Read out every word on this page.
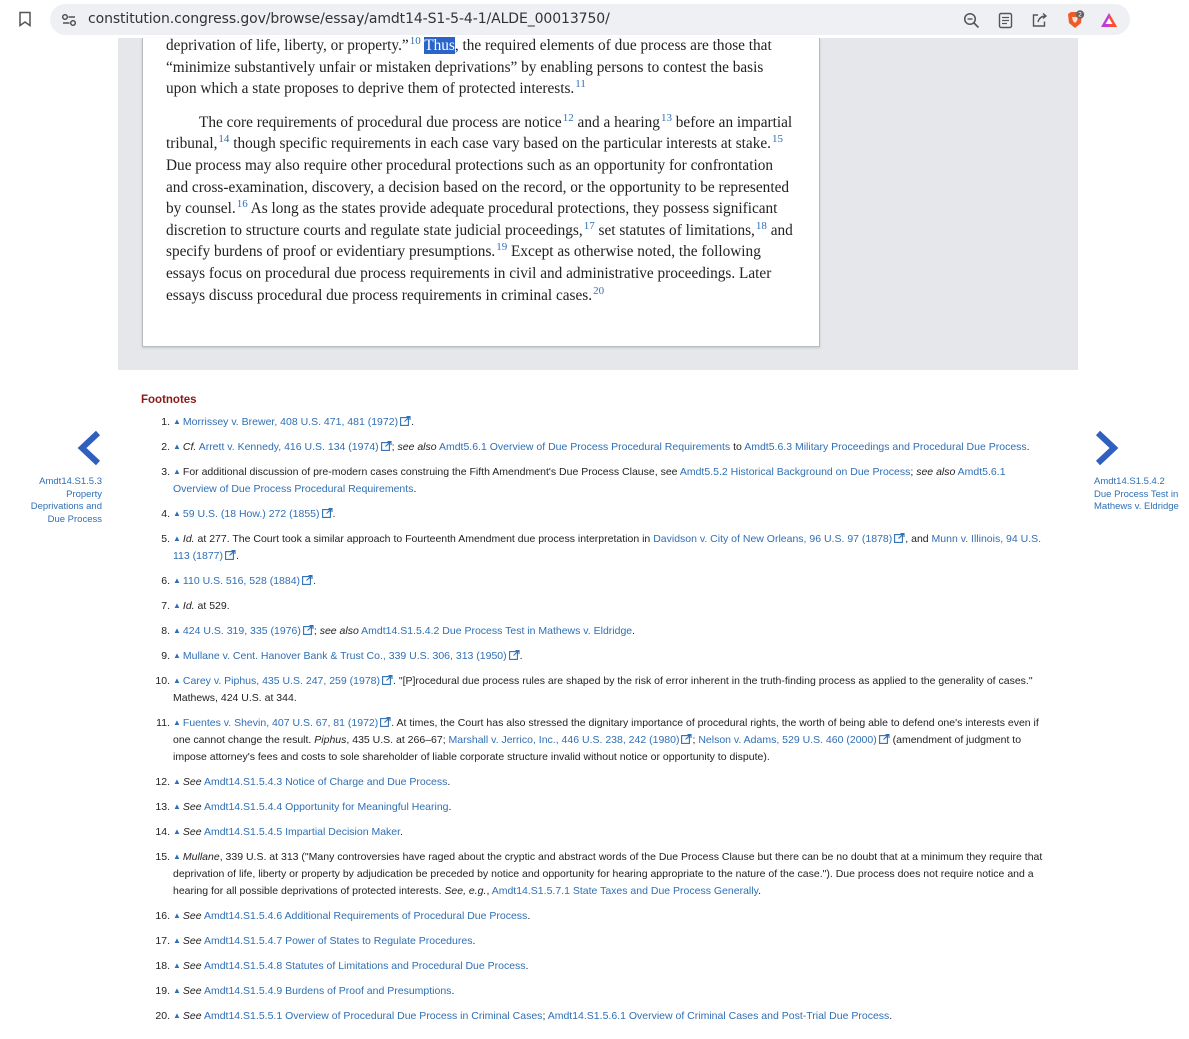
constitution.congress.gov/browse/essay/amdt14-S1-5-4-1/ALDE_00013750/	2

deprivation of life, liberty, or property.”$^{10}$ Thus, the required elements of due process are those that “minimize substantively unfair or mistaken deprivations” by enabling persons to contest the basis upon which a state proposes to deprive them of protected interests.$^{11}$

The core requirements of procedural due process are notice$^{12}$ and a hearing$^{13}$ before an impartial tribunal,$^{14}$ though specific requirements in each case vary based on the particular interests at stake.$^{15}$ Due process may also require other procedural protections such as an opportunity for confrontation and cross-examination, discovery, a decision based on the record, or the opportunity to be represented by counsel.$^{16}$ As long as the states provide adequate procedural protections, they possess significant discretion to structure courts and regulate state judicial proceedings,$^{17}$ set statutes of limitations,$^{18}$ and specify burdens of proof or evidentiary presumptions.$^{19}$ Except as otherwise noted, the following essays focus on procedural due process requirements in civil and administrative proceedings. Later essays discuss procedural due process requirements in criminal cases.$^{20}$

Footnotes
1. ▲ Morrissey v. Brewer, 408 U.S. 471, 481 (1972) .
2. ▲ Cf. Arrett v. Kennedy, 416 U.S. 134 (1974) ; see also Amdt5.6.1 Overview of Due Process Procedural Requirements to Amdt5.6.3 Military Proceedings and Procedural Due Process.
3. ▲ For additional discussion of pre-modern cases construing the Fifth Amendment's Due Process Clause, see Amdt5.5.2 Historical Background on Due Process; see also Amdt5.6.1 Overview of Due Process Procedural Requirements.
4. ▲ 59 U.S. (18 How.) 272 (1855) .
5. ▲ Id. at 277. The Court took a similar approach to Fourteenth Amendment due process interpretation in Davidson v. City of New Orleans, 96 U.S. 97 (1878) , and Munn v. Illinois, 94 U.S. 113 (1877) .
6. ▲ 110 U.S. 516, 528 (1884) .
7. ▲ Id. at 529.
8. ▲ 424 U.S. 319, 335 (1976) ; see also Amdt14.S1.5.4.2 Due Process Test in Mathews v. Eldridge.
9. ▲ Mullane v. Cent. Hanover Bank & Trust Co., 339 U.S. 306, 313 (1950) .
10. ▲ Carey v. Piphus, 435 U.S. 247, 259 (1978) . "[P]rocedural due process rules are shaped by the risk of error inherent in the truth-finding process as applied to the generality of cases." Mathews, 424 U.S. at 344.
11. ▲ Fuentes v. Shevin, 407 U.S. 67, 81 (1972) . At times, the Court has also stressed the dignitary importance of procedural rights, the worth of being able to defend one's interests even if one cannot change the result. Piphus, 435 U.S. at 266–67; Marshall v. Jerrico, Inc., 446 U.S. 238, 242 (1980) ; Nelson v. Adams, 529 U.S. 460 (2000) (amendment of judgment to impose attorney's fees and costs to sole shareholder of liable corporate structure invalid without notice or opportunity to dispute).
12. ▲ See Amdt14.S1.5.4.3 Notice of Charge and Due Process.
13. ▲ See Amdt14.S1.5.4.4 Opportunity for Meaningful Hearing.
14. ▲ See Amdt14.S1.5.4.5 Impartial Decision Maker.
15. ▲ Mullane, 339 U.S. at 313 ("Many controversies have raged about the cryptic and abstract words of the Due Process Clause but there can be no doubt that at a minimum they require that deprivation of life, liberty or property by adjudication be preceded by notice and opportunity for hearing appropriate to the nature of the case."). Due process does not require notice and a hearing for all possible deprivations of protected interests. See, e.g., Amdt14.S1.5.7.1 State Taxes and Due Process Generally.
16. ▲ See Amdt14.S1.5.4.6 Additional Requirements of Procedural Due Process.
17. ▲ See Amdt14.S1.5.4.7 Power of States to Regulate Procedures.
18. ▲ See Amdt14.S1.5.4.8 Statutes of Limitations and Procedural Due Process.
19. ▲ See Amdt14.S1.5.4.9 Burdens of Proof and Presumptions.
20. ▲ See Amdt14.S1.5.5.1 Overview of Procedural Due Process in Criminal Cases; Amdt14.S1.5.6.1 Overview of Criminal Cases and Post-Trial Due Process.
Amdt14.S1.5.3 Property Deprivations and Due Process
Amdt14.S1.5.4.2 Due Process Test in Mathews v. Eldridge
